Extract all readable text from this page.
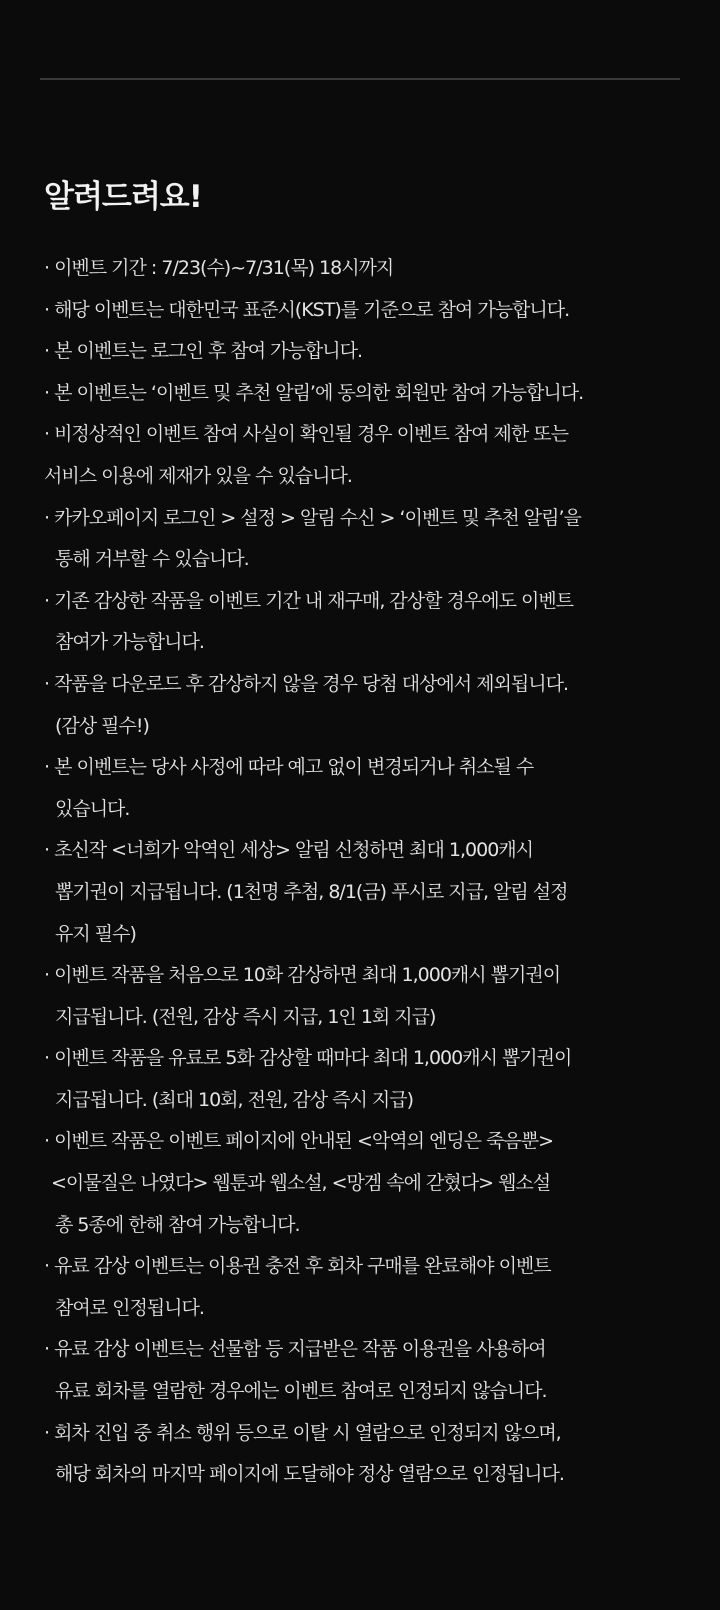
알려드려요!
· 이벤트 기간 : 7/23(수)~7/31(목) 18시까지
· 해당 이벤트는 대한민국 표준시(KST)를 기준으로 참여 가능합니다.
· 본 이벤트는 로그인 후 참여 가능합니다.
· 본 이벤트는 ‘이벤트 및 추천 알림’에 동의한 회원만 참여 가능합니다.
· 비정상적인 이벤트 참여 사실이 확인될 경우 이벤트 참여 제한 또는
서비스 이용에 제재가 있을 수 있습니다.
· 카카오페이지 로그인 > 설정 > 알림 수신 > ‘이벤트 및 추천 알림’을
통해 거부할 수 있습니다.
· 기존 감상한 작품을 이벤트 기간 내 재구매, 감상할 경우에도 이벤트
참여가 가능합니다.
· 작품을 다운로드 후 감상하지 않을 경우 당첨 대상에서 제외됩니다.
(감상 필수!)
· 본 이벤트는 당사 사정에 따라 예고 없이 변경되거나 취소될 수
있습니다.
· 초신작 <너희가 악역인 세상> 알림 신청하면 최대 1,000캐시
뽑기권이 지급됩니다. (1천명 추첨, 8/1(금) 푸시로 지급, 알림 설정
유지 필수)
· 이벤트 작품을 처음으로 10화 감상하면 최대 1,000캐시 뽑기권이
지급됩니다. (전원, 감상 즉시 지급, 1인 1회 지급)
· 이벤트 작품을 유료로 5화 감상할 때마다 최대 1,000캐시 뽑기권이
지급됩니다. (최대 10회, 전원, 감상 즉시 지급)
· 이벤트 작품은 이벤트 페이지에 안내된 <악역의 엔딩은 죽음뿐>
<이물질은 나였다> 웹툰과 웹소설, <망겜 속에 갇혔다> 웹소설
총 5종에 한해 참여 가능합니다.
· 유료 감상 이벤트는 이용권 충전 후 회차 구매를 완료해야 이벤트
참여로 인정됩니다.
· 유료 감상 이벤트는 선물함 등 지급받은 작품 이용권을 사용하여
유료 회차를 열람한 경우에는 이벤트 참여로 인정되지 않습니다.
· 회차 진입 중 취소 행위 등으로 이탈 시 열람으로 인정되지 않으며,
해당 회차의 마지막 페이지에 도달해야 정상 열람으로 인정됩니다.
